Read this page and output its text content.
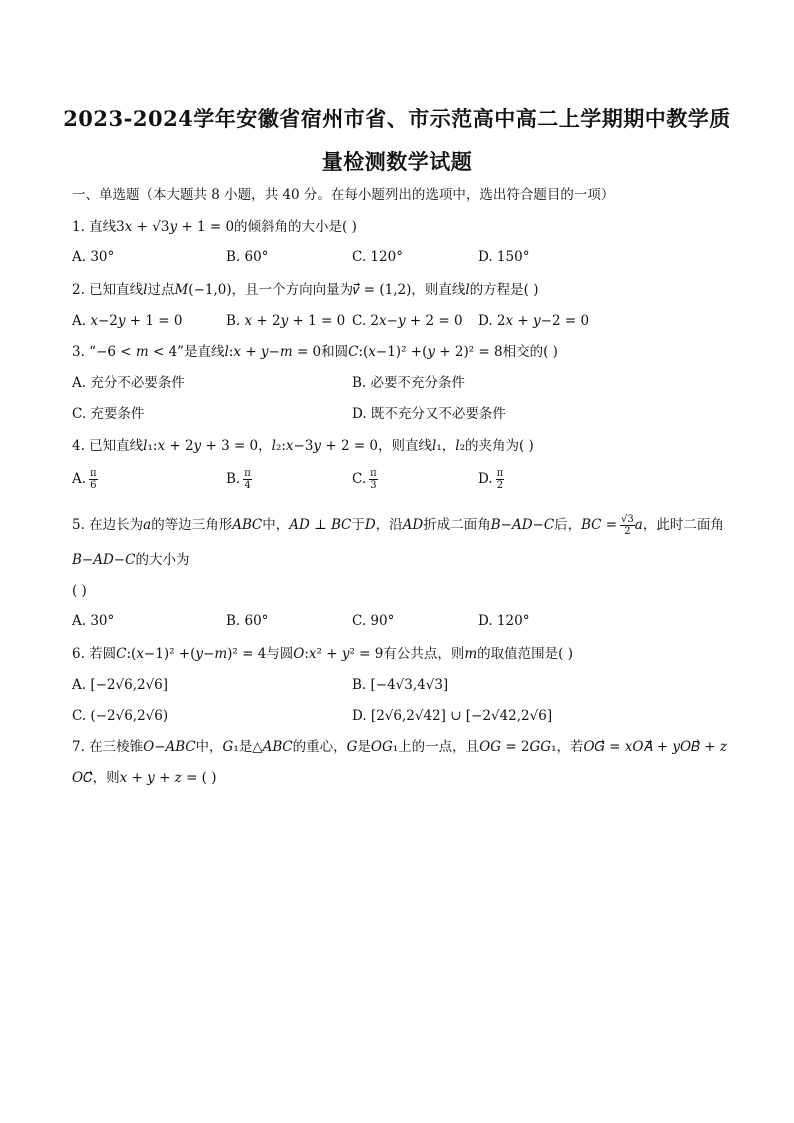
2023-2024学年安徽省宿州市省、市示范高中高二上学期期中教学质
量检测数学试题
一、单选题（本大题共 8 小题，共 40 分。在每小题列出的选项中，选出符合题目的一项）
1. 直线3𝑥 + √3𝑦 + 1 = 0的倾斜角的大小是( )
A. 30°	B. 60°	C. 120°	D. 150°
2. 已知直线𝑙过点𝑀(−1,0)，且一个方向向量为𝑣⃗ = (1,2)，则直线𝑙的方程是( )
A. 𝑥−2𝑦 + 1 = 0	B. 𝑥 + 2𝑦 + 1 = 0 C. 2𝑥−𝑦 + 2 = 0 D. 2𝑥 + 𝑦−2 = 0
3. “−6 < 𝑚 < 4”是直线𝑙:𝑥 + 𝑦−𝑚 = 0和圆𝐶:(𝑥−1)² +(𝑦 + 2)² = 8相交的( )
A. 充分不必要条件	B. 必要不充分条件
C. 充要条件	D. 既不充分又不必要条件
4. 已知直线𝑙₁:𝑥 + 2𝑦 + 3 = 0，𝑙₂:𝑥−3𝑦 + 2 = 0，则直线𝑙₁，𝑙₂的夹角为( )
A. $\frac{\pi}{6}$	B. $\frac{\pi}{4}$	C. $\frac{\pi}{3}$	D. $\frac{\pi}{2}$
5. 在边长为𝑎的等边三角形𝐴𝐵𝐶中，𝐴𝐷 ⊥ 𝐵𝐶于𝐷，沿𝐴𝐷折成二面角𝐵−𝐴𝐷−𝐶后，𝐵𝐶 = $\frac{√3}{2}$ 𝑎，此时二面角
𝐵−𝐴𝐷−𝐶的大小为
( )
A. 30°	B. 60°	C. 90°	D. 120°
6. 若圆𝐶:(𝑥−1)² +(𝑦−𝑚)² = 4与圆𝑂:𝑥² + 𝑦² = 9有公共点，则𝑚的取值范围是( )
A. [−2√6,2√6]	B. [−4√3,4√3]
C. (−2√6,2√6)	D. [2√6,2√42] ∪ [−2√42,2√6]
7. 在三棱锥𝑂−𝐴𝐵𝐶中，𝐺₁是△𝐴𝐵𝐶的重心，𝐺是𝑂𝐺₁上的一点，且𝑂𝐺 = 2𝐺𝐺₁，若𝑂𝐺⃗ = 𝑥𝑂𝐴⃗ + 𝑦𝑂𝐵⃗ + 𝑧
𝑂𝐶⃗，则𝑥 + 𝑦 + 𝑧 = ( )
